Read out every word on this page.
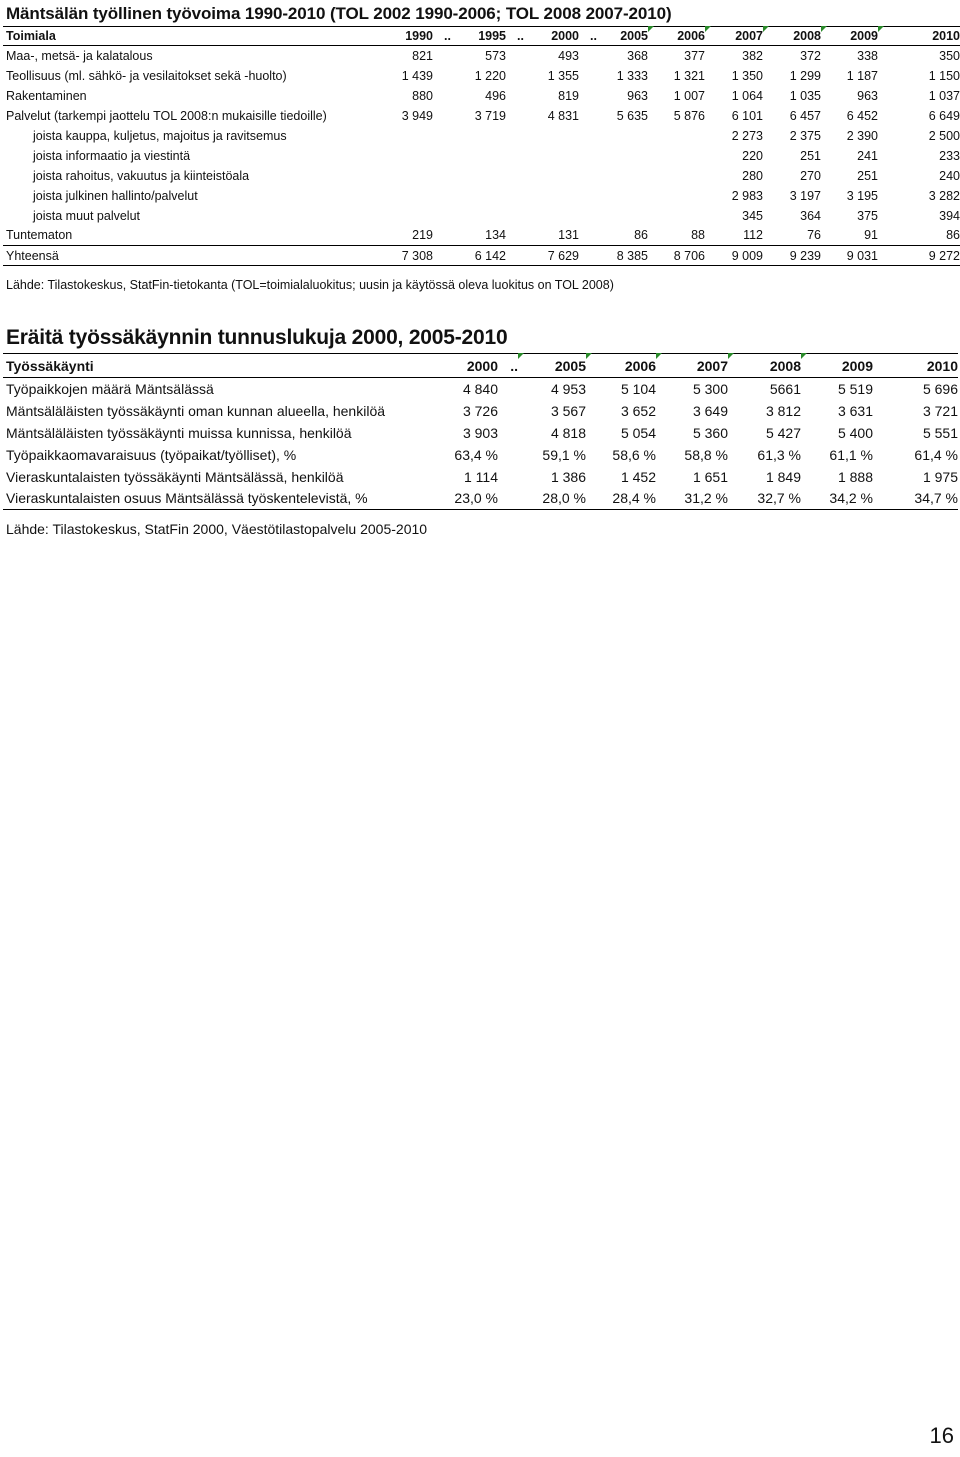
Mäntsälän työllinen työvoima 1990-2010 (TOL 2002 1990-2006; TOL 2008 2007-2010)
Toimiala	1990	..	1995	..	2000	..	2005	2006	2007	2008	2009	2010

Maa-, metsä- ja kalatalous	821		573		493		368	377	382	372	338	350
Teollisuus (ml. sähkö- ja vesilaitokset sekä -huolto)	1 439		1 220		1 355		1 333	1 321	1 350	1 299	1 187	1 150
Rakentaminen	880		496		819		963	1 007	1 064	1 035	963	1 037
Palvelut (tarkempi jaottelu TOL 2008:n mukaisille tiedoille)	3 949		3 719		4 831		5 635	5 876	6 101	6 457	6 452	6 649
joista kauppa, kuljetus, majoitus ja ravitsemus									2 273	2 375	2 390	2 500
joista informaatio ja viestintä									220	251	241	233
joista rahoitus, vakuutus ja kiinteistöala									280	270	251	240
joista julkinen hallinto/palvelut									2 983	3 197	3 195	3 282
joista muut palvelut									345	364	375	394
Tuntematon	219		134		131		86	88	112	76	91	86
Yhteensä	7 308		6 142		7 629		8 385	8 706	9 009	9 239	9 031	9 272
Lähde: Tilastokeskus, StatFin-tietokanta (TOL=toimialaluokitus; uusin ja käytössä oleva luokitus on TOL 2008)
Eräitä työssäkäynnin tunnuslukuja 2000, 2005-2010
Työssäkäynti	2000	..	2005	2006	2007	2008	2009	2010
Työpaikkojen määrä Mäntsälässä	4 840		4 953	5 104	5 300	5661	5 519	5 696
Mäntsäläläisten työssäkäynti oman kunnan alueella, henkilöä	3 726		3 567	3 652	3 649	3 812	3 631	3 721
Mäntsäläläisten työssäkäynti muissa kunnissa, henkilöä	3 903		4 818	5 054	5 360	5 427	5 400	5 551
Työpaikkaomavaraisuus (työpaikat/työlliset), %	63,4 %		59,1 %	58,6 %	58,8 %	61,3 %	61,1 %	61,4 %
Vieraskuntalaisten työssäkäynti Mäntsälässä, henkilöä	1 114		1 386	1 452	1 651	1 849	1 888	1 975
Vieraskuntalaisten osuus Mäntsälässä työskentelevistä, %	23,0 %		28,0 %	28,4 %	31,2 %	32,7 %	34,2 %	34,7 %
Lähde: Tilastokeskus, StatFin 2000, Väestötilastopalvelu 2005-2010
16
